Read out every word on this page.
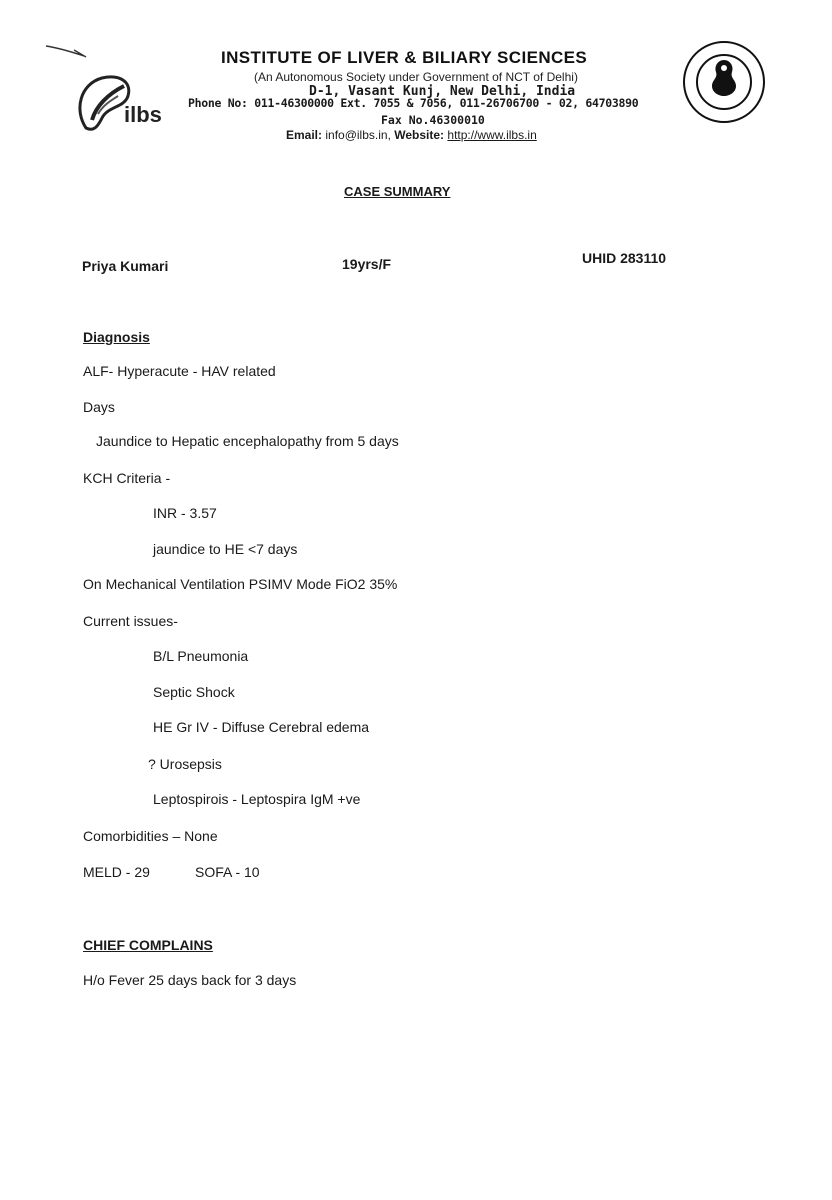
ilbs
INSTITUTE OF LIVER & BILIARY SCIENCES
(An Autonomous Society under Government of NCT of Delhi)
D-1, Vasant Kunj, New Delhi, India
Phone No: 011-46300000 Ext. 7055 & 7056, 011-26706700 - 02, 64703890
Fax No.46300010
Email: info@ilbs.in, Website: http://www.ilbs.in
NABH
CASE SUMMARY
Priya Kumari	19yrs/F	UHID 283110
Diagnosis
ALF- Hyperacute - HAV related
Days
Jaundice to Hepatic encephalopathy from 5 days
KCH Criteria -
INR - 3.57
jaundice to HE <7 days
On Mechanical Ventilation PSIMV Mode FiO2 35%
Current issues-
B/L Pneumonia
Septic Shock
HE Gr IV - Diffuse Cerebral edema
? Urosepsis
Leptospirois - Leptospira IgM +ve
Comorbidities – None
MELD - 29	SOFA - 10
CHIEF COMPLAINS
H/o Fever 25 days back for 3 days
